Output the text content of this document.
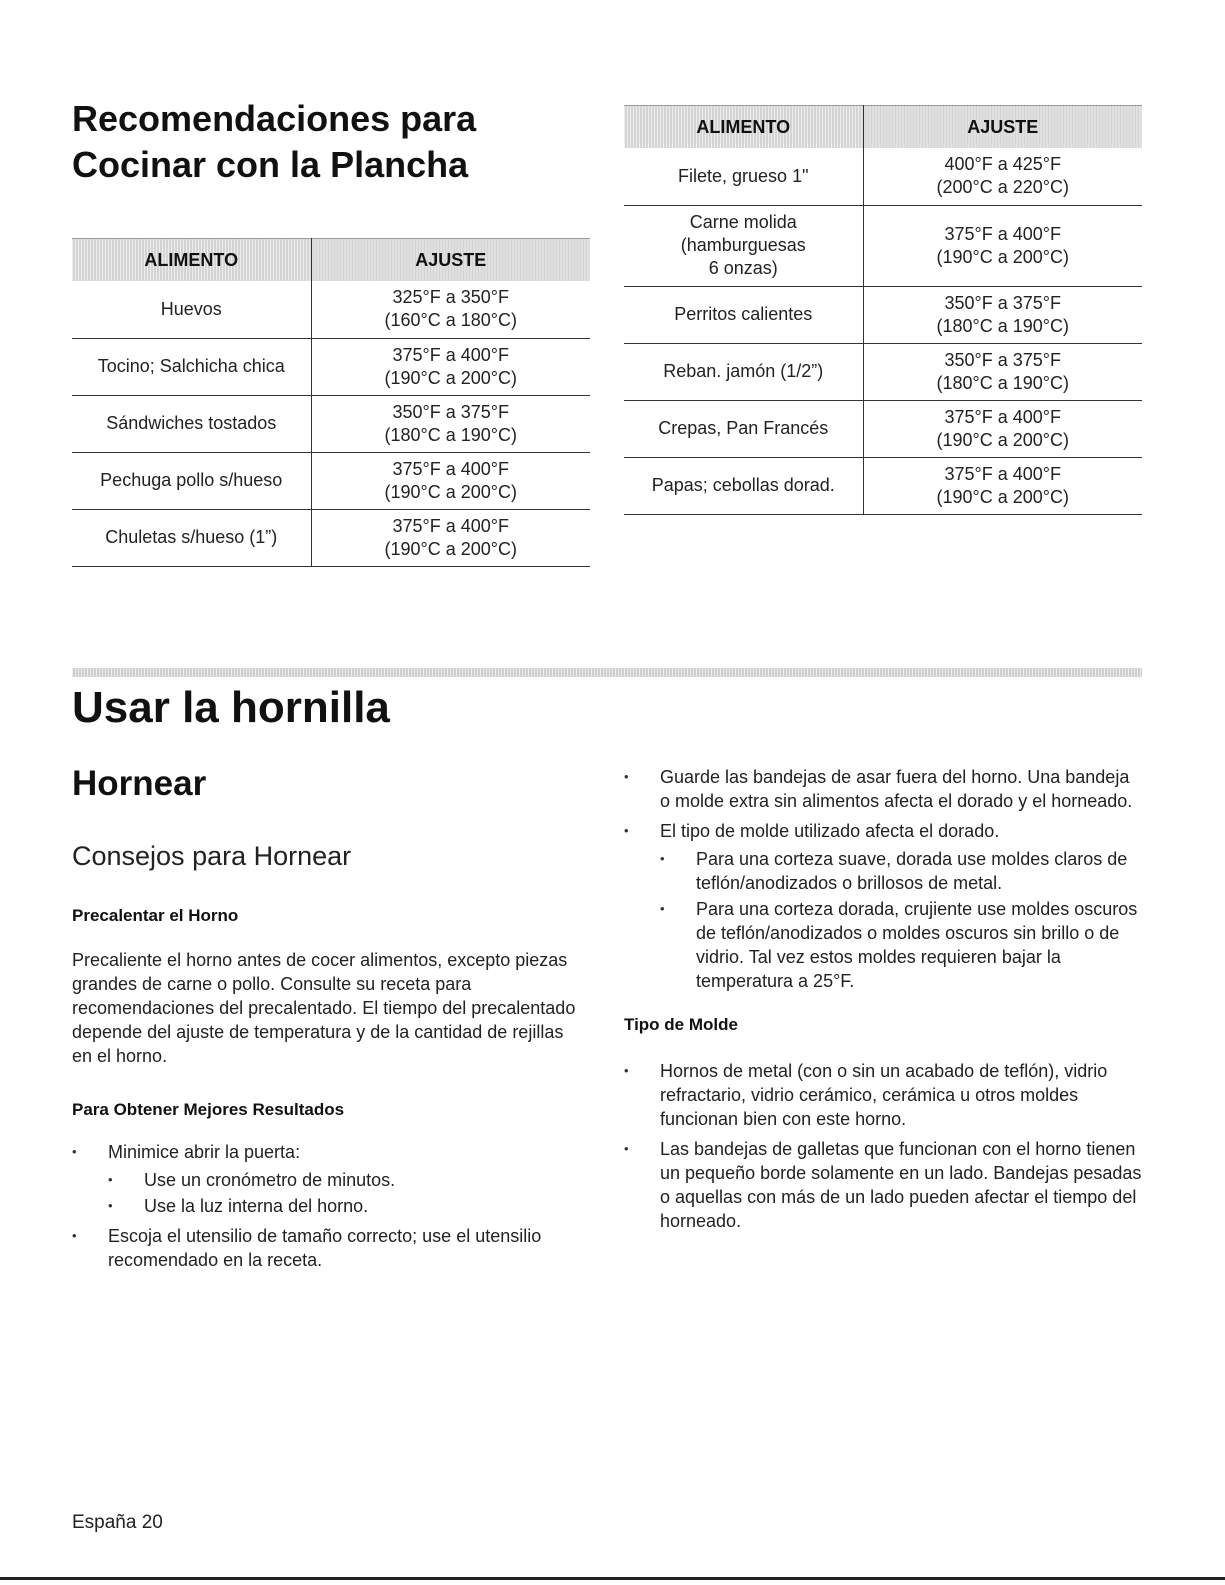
Recomendaciones para
Cocinar con la Plancha
ALIMENTO	AJUSTE

Huevos	325°F a 350°F
(160°C a 180°C)

Tocino; Salchicha chica	375°F a 400°F
(190°C a 200°C)

Sándwiches tostados	350°F a 375°F
(180°C a 190°C)

Pechuga pollo s/hueso	375°F a 400°F
(190°C a 200°C)

Chuletas s/hueso (1”)	375°F a 400°F
(190°C a 200°C)
ALIMENTO	AJUSTE

Filete, grueso 1"	400°F a 425°F
(200°C a 220°C)

Carne molida
(hamburguesas
6 onzas)	375°F a 400°F
(190°C a 200°C)

Perritos calientes	350°F a 375°F
(180°C a 190°C)

Reban. jamón (1/2”)	350°F a 375°F
(180°C a 190°C)

Crepas, Pan Francés	375°F a 400°F
(190°C a 200°C)

Papas; cebollas dorad.	375°F a 400°F
(190°C a 200°C)
Usar la hornilla
Hornear
Consejos para Hornear
Precalentar el Horno

Precaliente el horno antes de cocer alimentos, excepto piezas grandes de carne o pollo. Consulte su receta para recomendaciones del precalentado. El tiempo del precalentado depende del ajuste de temperatura y de la cantidad de rejillas en el horno.

Para Obtener Mejores Resultados
• Minimice abrir la puerta:
• Use un cronómetro de minutos.
• Use la luz interna del horno.
• Escoja el utensilio de tamaño correcto; use el utensilio recomendado en la receta.
• Guarde las bandejas de asar fuera del horno. Una bandeja o molde extra sin alimentos afecta el dorado y el horneado.
• El tipo de molde utilizado afecta el dorado.
• Para una corteza suave, dorada use moldes claros de teflón/anodizados o brillosos de metal.
• Para una corteza dorada, crujiente use moldes oscuros de teflón/anodizados o moldes oscuros sin brillo o de vidrio. Tal vez estos moldes requieren bajar la temperatura a 25°F.
Tipo de Molde
• Hornos de metal (con o sin un acabado de teflón), vidrio refractario, vidrio cerámico, cerámica u otros moldes funcionan bien con este horno.
• Las bandejas de galletas que funcionan con el horno tienen un pequeño borde solamente en un lado. Bandejas pesadas o aquellas con más de un lado pueden afectar el tiempo del horneado.
España 20
